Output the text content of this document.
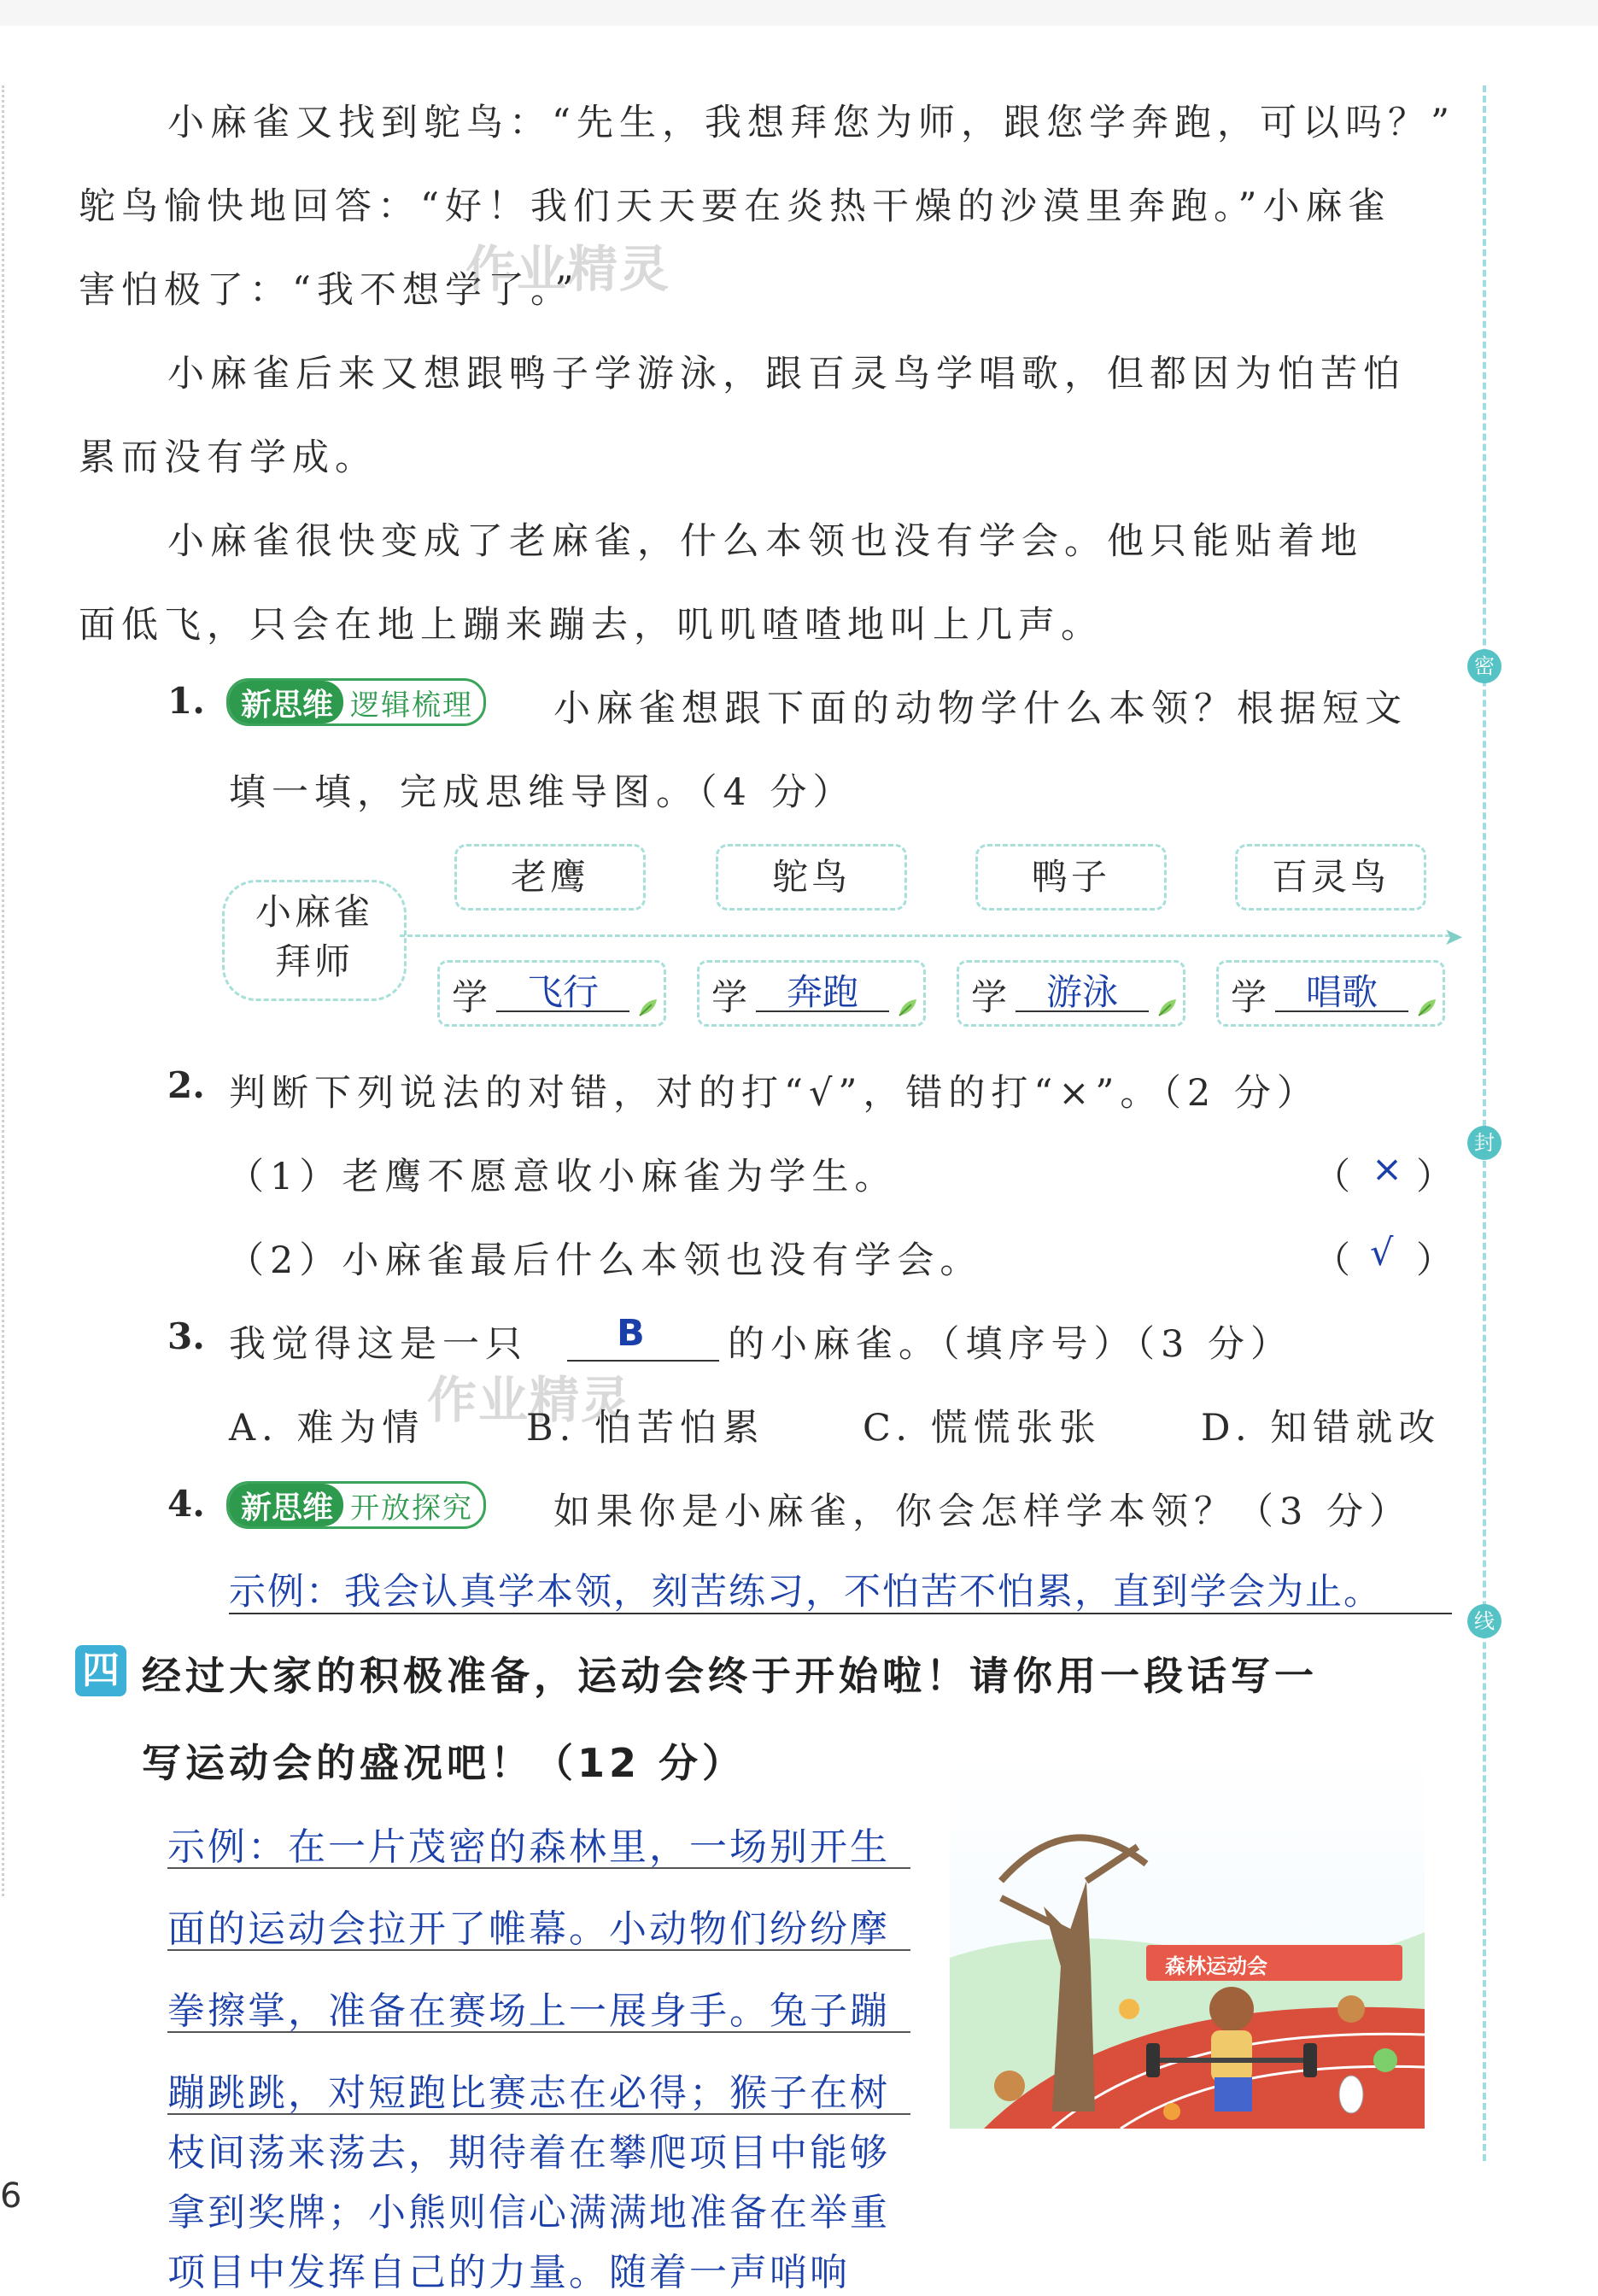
密
封
线
小麻雀又找到鸵鸟：“先生，我想拜您为师，跟您学奔跑，可以吗？”
鸵鸟愉快地回答：“好！我们天天要在炎热干燥的沙漠里奔跑。”小麻雀
害怕极了：“我不想学了。”
小麻雀后来又想跟鸭子学游泳，跟百灵鸟学唱歌，但都因为怕苦怕
累而没有学成。
小麻雀很快变成了老麻雀，什么本领也没有学会。他只能贴着地
面低飞，只会在地上蹦来蹦去，叽叽喳喳地叫上几声。
作业精灵
1.	新思维 逻辑梳理 小麻雀想跟下面的动物学什么本领？根据短文
填一填，完成思维导图。（4 分）
小麻雀
拜师
➤
老鹰	鸵鸟	鸭子	百灵鸟
学	飞行	学	奔跑	学	游泳	学	唱歌
2. 判断下列说法的对错，对的打“√”，错的打“×”。（2 分）
（1）老鹰不愿意收小麻雀为学生。	（ × ）
（2）小麻雀最后什么本领也没有学会。	（ √ ）
3. 我觉得这是一只 B 的小麻雀。（填序号）（3 分）
作业精灵
A. 难为情	B. 怕苦怕累	C. 慌慌张张	D. 知错就改
4.	新思维 开放探究 如果你是小麻雀，你会怎样学本领？（3 分）
示例：我会认真学本领，刻苦练习，不怕苦不怕累，直到学会为止。
四 经过大家的积极准备，运动会终于开始啦！请你用一段话写一
写运动会的盛况吧！（12 分）
示例：在一片茂密的森林里，一场别开生
面的运动会拉开了帷幕。小动物们纷纷摩
拳擦掌，准备在赛场上一展身手。兔子蹦
蹦跳跳，对短跑比赛志在必得；猴子在树
枝间荡来荡去，期待着在攀爬项目中能够
拿到奖牌；小熊则信心满满地准备在举重
项目中发挥自己的力量。随着一声哨响
森林运动会
6
